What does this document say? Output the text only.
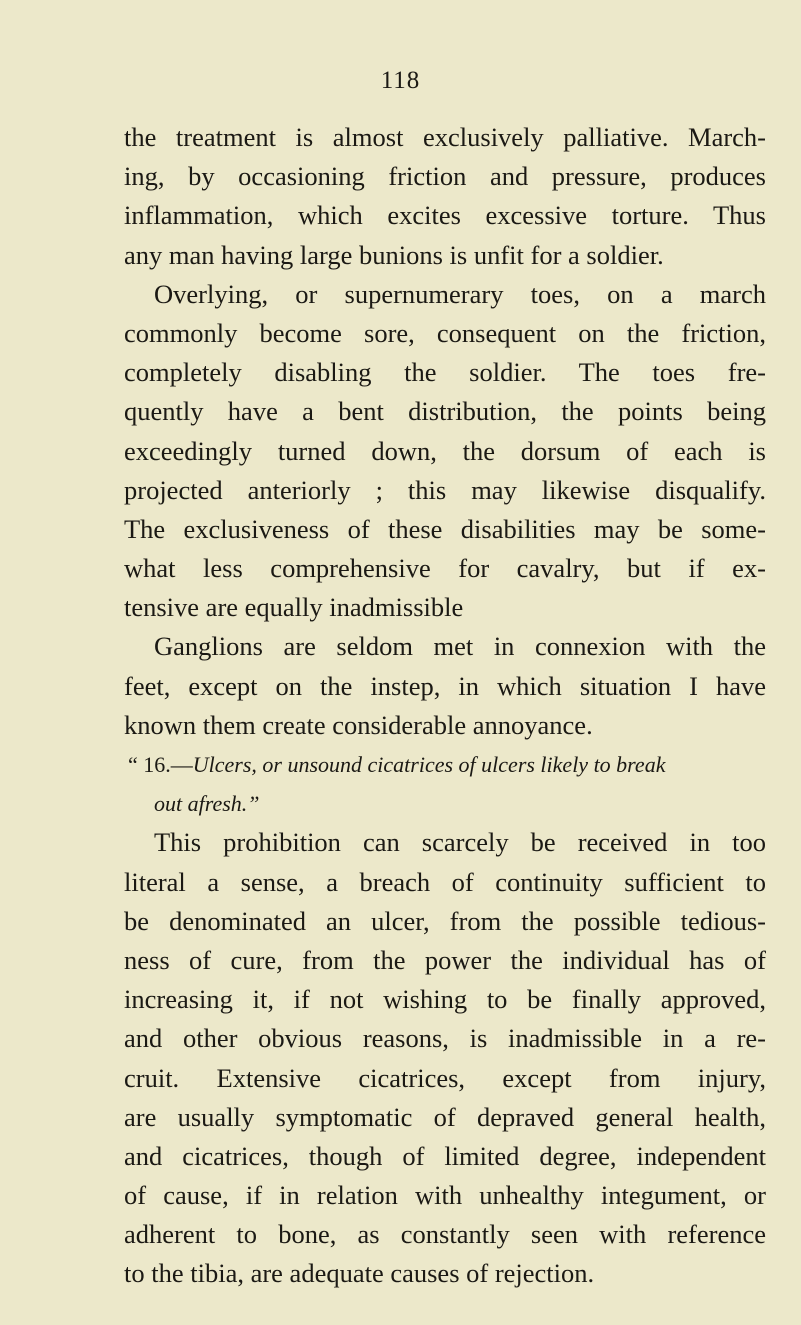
118
the treatment is almost exclusively palliative. March-
ing, by occasioning friction and pressure, produces
inflammation, which excites excessive torture. Thus
any man having large bunions is unfit for a soldier.
Overlying, or supernumerary toes, on a march
commonly become sore, consequent on the friction,
completely disabling the soldier. The toes fre-
quently have a bent distribution, the points being
exceedingly turned down, the dorsum of each is
projected anteriorly ; this may likewise disqualify.
The exclusiveness of these disabilities may be some-
what less comprehensive for cavalry, but if ex-
tensive are equally inadmissible
Ganglions are seldom met in connexion with the
feet, except on the instep, in which situation I have
known them create considerable annoyance.
“ 16.—Ulcers, or unsound cicatrices of ulcers likely to break
out afresh.”
This prohibition can scarcely be received in too
literal a sense, a breach of continuity sufficient to
be denominated an ulcer, from the possible tedious-
ness of cure, from the power the individual has of
increasing it, if not wishing to be finally approved,
and other obvious reasons, is inadmissible in a re-
cruit. Extensive cicatrices, except from injury,
are usually symptomatic of depraved general health,
and cicatrices, though of limited degree, independent
of cause, if in relation with unhealthy integument, or
adherent to bone, as constantly seen with reference
to the tibia, are adequate causes of rejection.
